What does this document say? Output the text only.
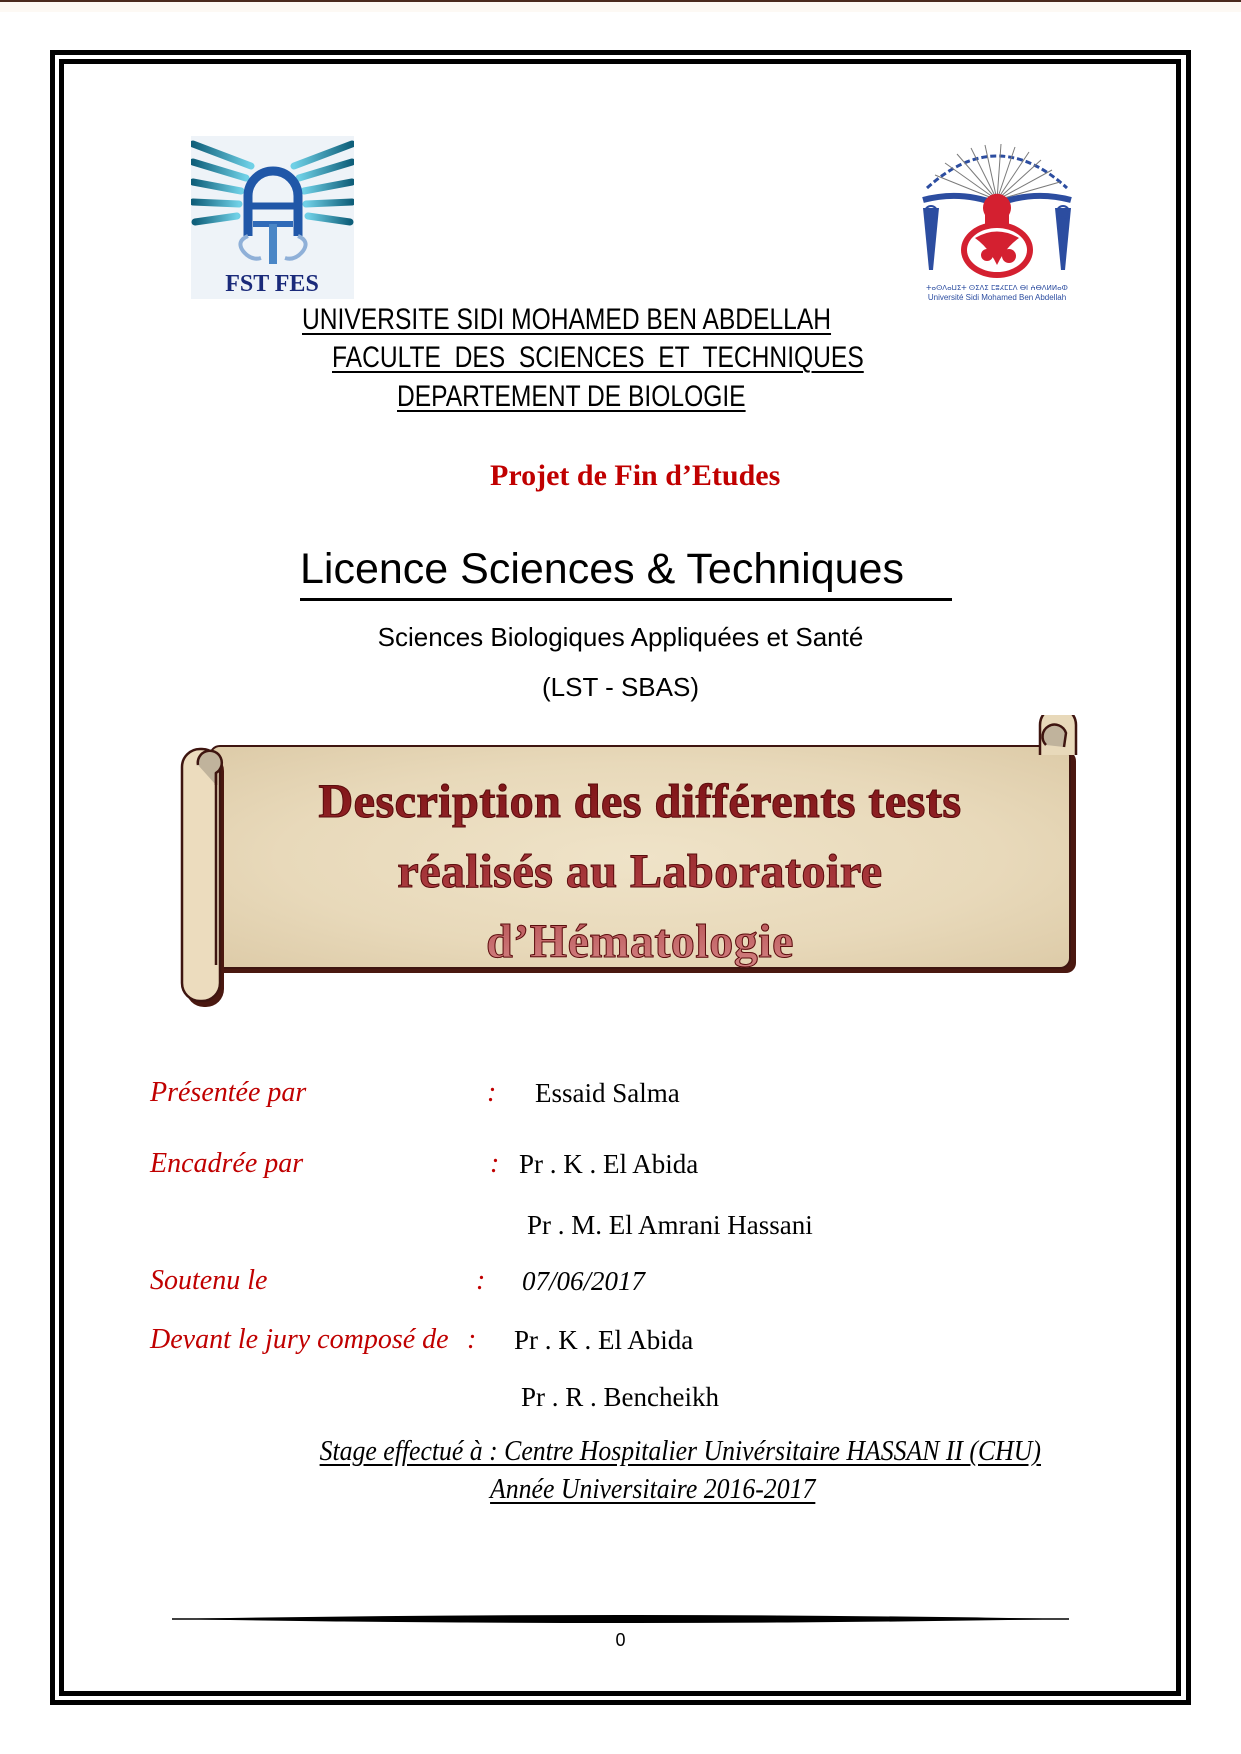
FST FES	ⵜⴰⵙⴷⴰⵡⵉⵜ ⵙⵉⴷⵉ ⵎⵓⵃⵎⵎⴷ ⴱⵏ ⵄⴱⴷⵍⵍⴰⵀ
Université Sidi Mohamed Ben Abdellah
UNIVERSITE SIDI MOHAMED BEN ABDELLAH
FACULTE  DES  SCIENCES  ET  TECHNIQUES
DEPARTEMENT DE BIOLOGIE
Projet de Fin d’Etudes
Licence Sciences & Techniques
Sciences Biologiques Appliquées et Santé
(LST - SBAS)
Description des différents tests
réalisés au Laboratoire
d’Hématologie
Présentée par	: Essaid Salma
Encadrée par	: Pr . K . El Abida
Pr . M. El Amrani Hassani
Soutenu le	: 07/06/2017
Devant le jury composé de : Pr . K . El Abida
Pr . R . Bencheikh
Stage effectué à : Centre Hospitalier Univérsitaire HASSAN II (CHU)
Année Universitaire 2016-2017
0
